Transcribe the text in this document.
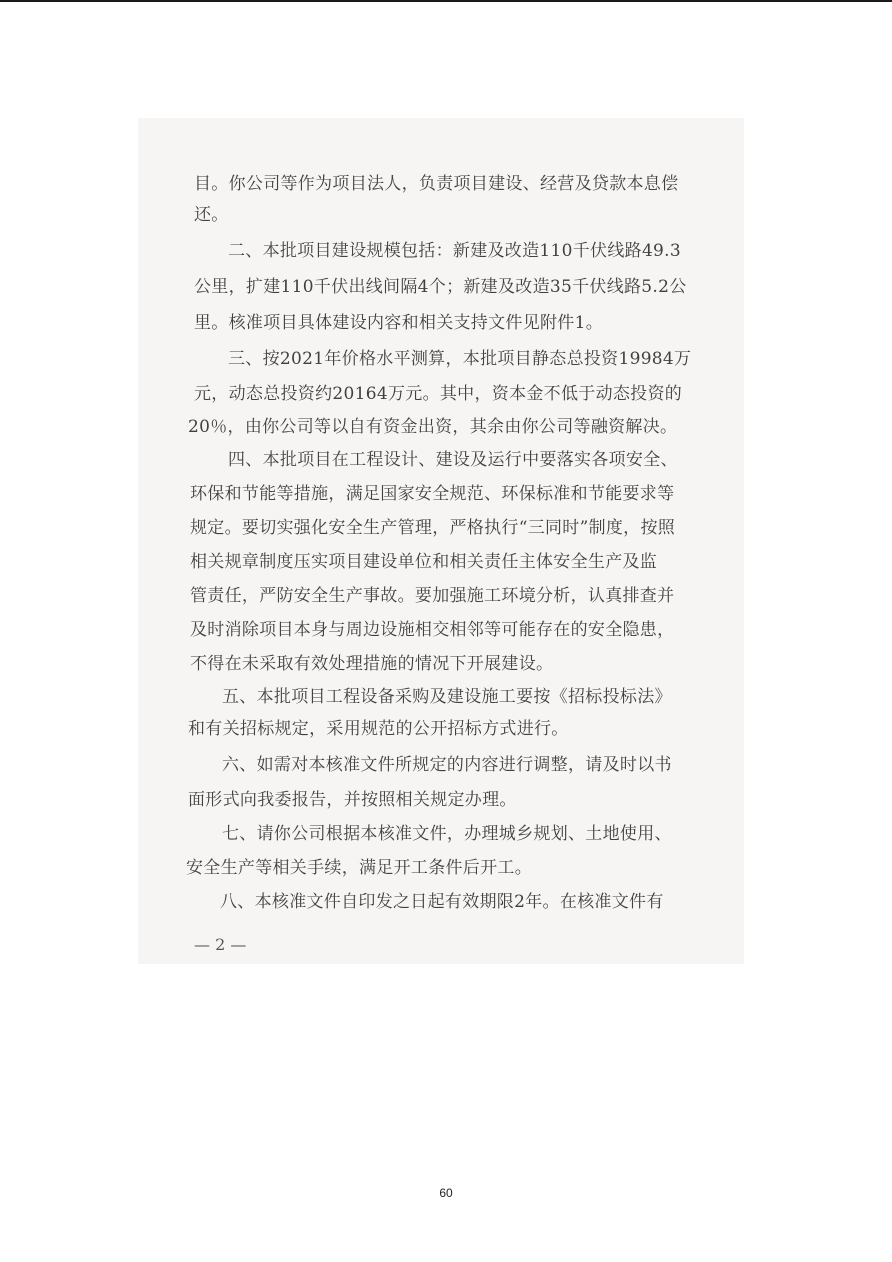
目。你公司等作为项目法人，负责项目建设、经营及贷款本息偿
还。
二、本批项目建设规模包括：新建及改造110千伏线路49.3
公里，扩建110千伏出线间隔4个；新建及改造35千伏线路5.2公
里。核准项目具体建设内容和相关支持文件见附件1。
三、按2021年价格水平测算，本批项目静态总投资19984万
元，动态总投资约20164万元。其中，资本金不低于动态投资的
20％，由你公司等以自有资金出资，其余由你公司等融资解决。
四、本批项目在工程设计、建设及运行中要落实各项安全、
环保和节能等措施，满足国家安全规范、环保标准和节能要求等
规定。要切实强化安全生产管理，严格执行“三同时”制度，按照
相关规章制度压实项目建设单位和相关责任主体安全生产及监
管责任，严防安全生产事故。要加强施工环境分析，认真排查并
及时消除项目本身与周边设施相交相邻等可能存在的安全隐患，
不得在未采取有效处理措施的情况下开展建设。
五、本批项目工程设备采购及建设施工要按《招标投标法》
和有关招标规定，采用规范的公开招标方式进行。
六、如需对本核准文件所规定的内容进行调整，请及时以书
面形式向我委报告，并按照相关规定办理。
七、请你公司根据本核准文件，办理城乡规划、土地使用、
安全生产等相关手续，满足开工条件后开工。
八、本核准文件自印发之日起有效期限2年。在核准文件有
— 2 —
60
